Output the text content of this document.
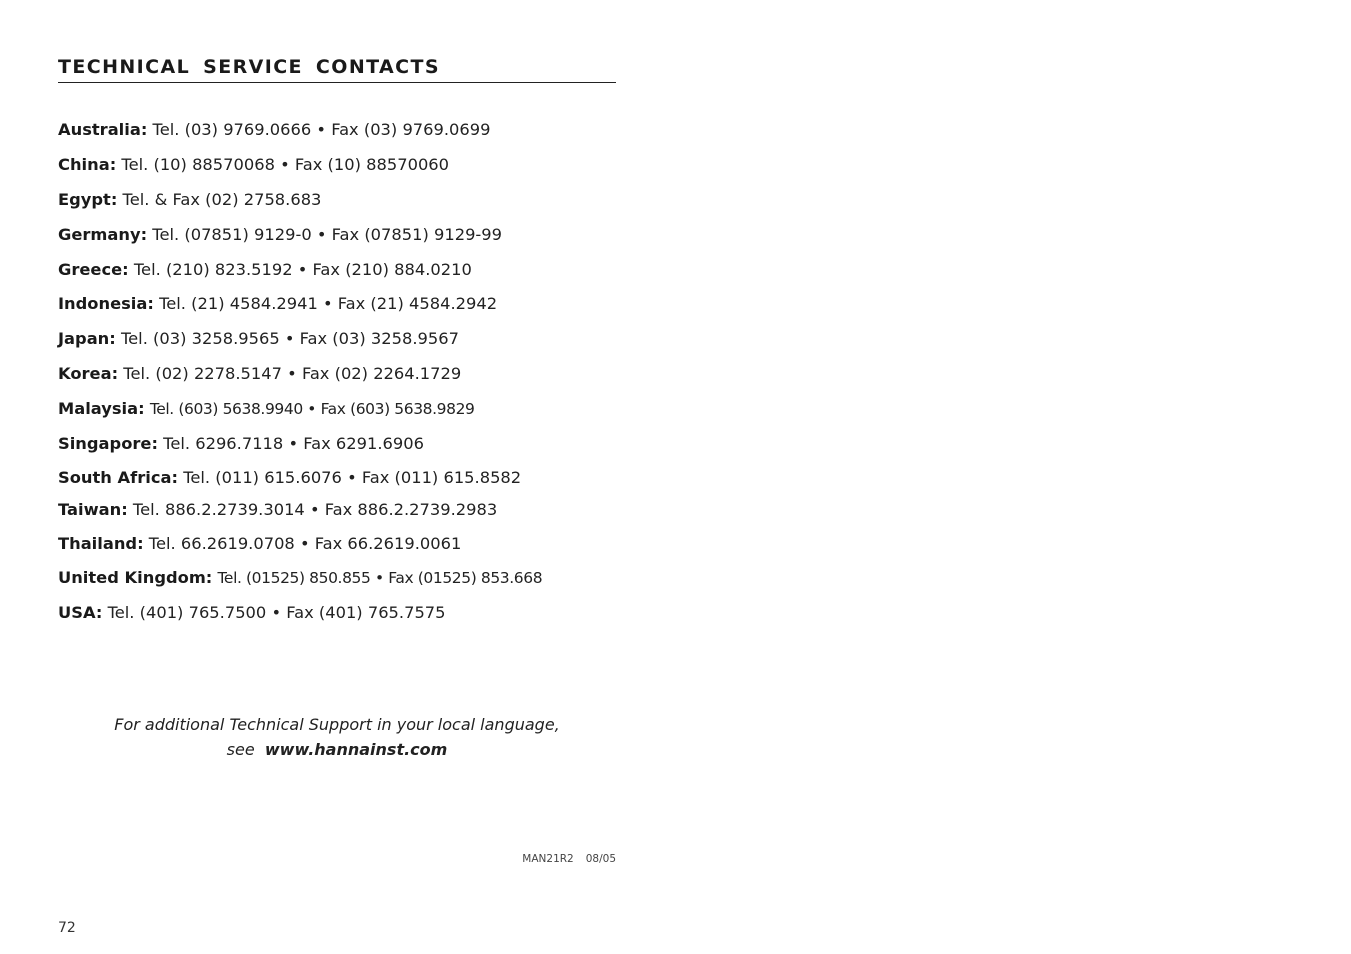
TECHNICAL SERVICE CONTACTS
Australia: Tel. (03) 9769.0666 • Fax (03) 9769.0699
China: Tel. (10) 88570068 • Fax (10) 88570060
Egypt: Tel. & Fax (02) 2758.683
Germany: Tel. (07851) 9129-0 • Fax (07851) 9129-99
Greece: Tel. (210) 823.5192 • Fax (210) 884.0210
Indonesia: Tel. (21) 4584.2941 • Fax (21) 4584.2942
Japan: Tel. (03) 3258.9565 • Fax (03) 3258.9567
Korea: Tel. (02) 2278.5147 • Fax (02) 2264.1729
Malaysia: Tel. (603) 5638.9940 • Fax (603) 5638.9829
Singapore: Tel. 6296.7118 • Fax 6291.6906
South Africa: Tel. (011) 615.6076 • Fax (011) 615.8582
Taiwan: Tel. 886.2.2739.3014 • Fax 886.2.2739.2983
Thailand: Tel. 66.2619.0708 • Fax 66.2619.0061
United Kingdom: Tel. (01525) 850.855 • Fax (01525) 853.668
USA: Tel. (401) 765.7500 • Fax (401) 765.7575
For additional Technical Support in your local language,
see www.hannainst.com
MAN21R2 08/05
72
